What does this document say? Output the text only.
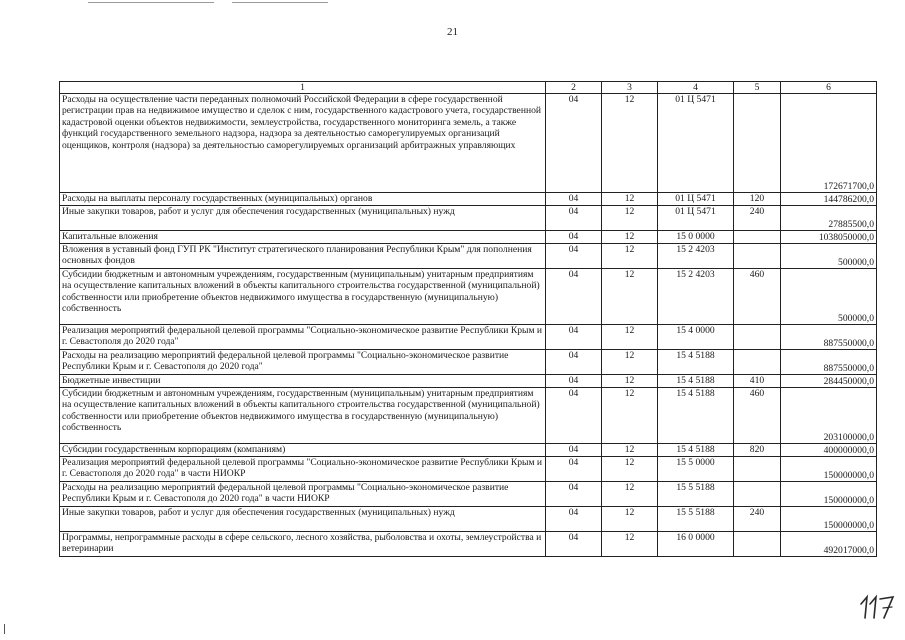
21
1	2	3	4	5	6
Расходы на осуществление части переданных полномочий Российской Федерации в сфере государственной регистрации прав на недвижимое имущество и сделок с ним, государственного кадастрового учета, государственной кадастровой оценки объектов недвижимости, землеустройства, государственного мониторинга земель, а также функций государственного земельного надзора, надзора за деятельностью саморегулируемых организаций оценщиков, контроля (надзора) за деятельностью саморегулируемых организаций арбитражных управляющих	04	12	01 Ц 5471		172671700,0
Расходы на выплаты персоналу государственных (муниципальных) органов	04	12	01 Ц 5471	120	144786200,0
Иные закупки товаров, работ и услуг для обеспечения государственных (муниципальных) нужд	04	12	01 Ц 5471	240	27885500,0
Капитальные вложения	04	12	15 0 0000		1038050000,0
Вложения в уставный фонд ГУП РК "Институт стратегического планирования Республики Крым" для пополнения основных фондов	04	12	15 2 4203		500000,0
Субсидии бюджетным и автономным учреждениям, государственным (муниципальным) унитарным предприятиям на осуществление капитальных вложений в объекты капитального строительства государственной (муниципальной) собственности или приобретение объектов недвижимого имущества в государственную (муниципальную) собственность	04	12	15 2 4203	460	500000,0
Реализация мероприятий федеральной целевой программы "Социально-экономическое развитие Республики Крым и г. Севастополя до 2020 года"	04	12	15 4 0000		887550000,0
Расходы на реализацию мероприятий федеральной целевой программы "Социально-экономическое развитие Республики Крым и г. Севастополя до 2020 года"	04	12	15 4 5188		887550000,0
Бюджетные инвестиции	04	12	15 4 5188	410	284450000,0
Субсидии бюджетным и автономным учреждениям, государственным (муниципальным) унитарным предприятиям на осуществление капитальных вложений в объекты капитального строительства государственной (муниципальной) собственности или приобретение объектов недвижимого имущества в государственную (муниципальную) собственность	04	12	15 4 5188	460	203100000,0
Субсидии государственным корпорациям (компаниям)	04	12	15 4 5188	820	400000000,0
Реализация мероприятий федеральной целевой программы "Социально-экономическое развитие Республики Крым и г. Севастополя до 2020 года" в части НИОКР	04	12	15 5 0000		150000000,0
Расходы на реализацию мероприятий федеральной целевой программы "Социально-экономическое развитие Республики Крым и г. Севастополя до 2020 года" в части НИОКР	04	12	15 5 5188		150000000,0
Иные закупки товаров, работ и услуг для обеспечения государственных (муниципальных) нужд	04	12	15 5 5188	240	150000000,0
Программы, непрограммные расходы в сфере сельского, лесного хозяйства, рыболовства и охоты, землеустройства и ветеринарии	04	12	16 0 0000		492017000,0
